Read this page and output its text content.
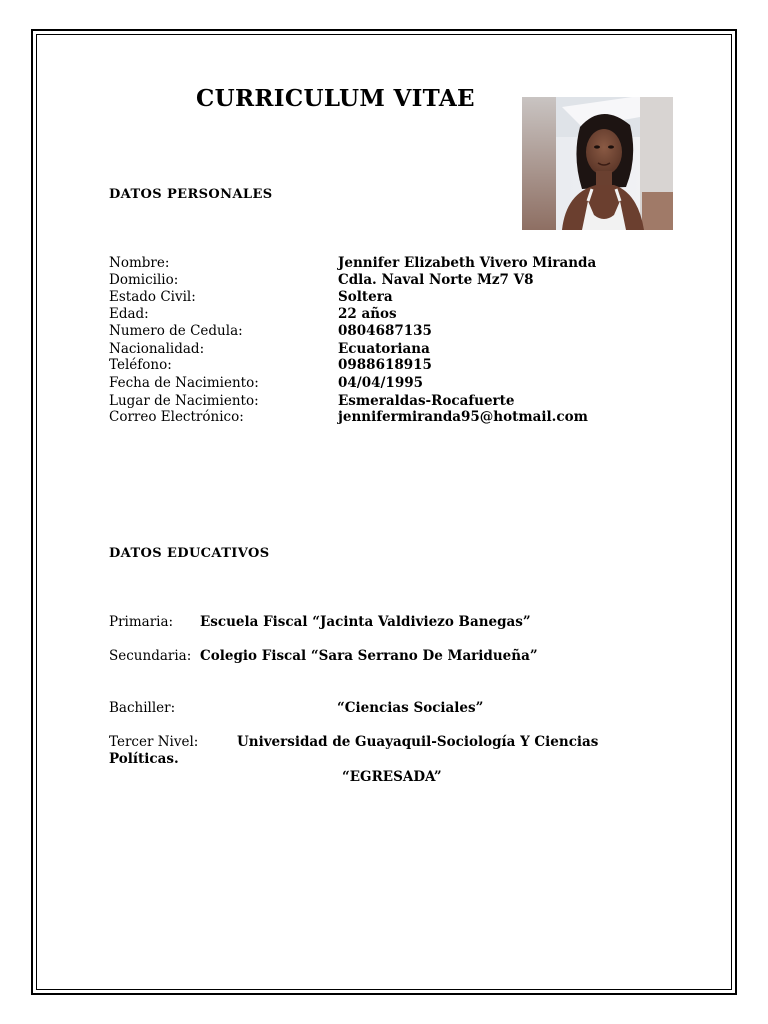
CURRICULUM VITAE
DATOS PERSONALES
Nombre:	Jennifer Elizabeth Vivero Miranda
Domicilio:	Cdla. Naval Norte Mz7 V8
Estado Civil:	Soltera
Edad:	22 años
Numero de Cedula:	0804687135
Nacionalidad:	Ecuatoriana
Teléfono:	0988618915
Fecha de Nacimiento:	04/04/1995
Lugar de Nacimiento:	Esmeraldas-Rocafuerte
Correo Electrónico:	jennifermiranda95@hotmail.com
DATOS EDUCATIVOS
Primaria: Escuela Fiscal “Jacinta Valdiviezo Banegas”
Secundaria: Colegio Fiscal “Sara Serrano De Mariduеña”
Bachiller:	“Ciencias Sociales”
Tercer Nivel:	Universidad de Guayaquil-Sociología Y Ciencias
Políticas.
“EGRESADA”
